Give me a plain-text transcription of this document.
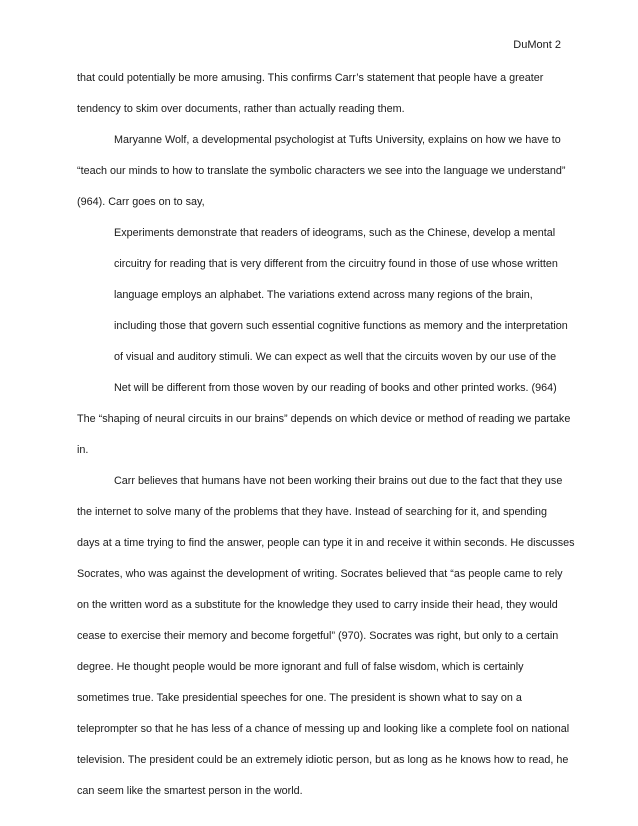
DuMont 2
that could potentially be more amusing. This confirms Carr’s statement that people have a greater
tendency to skim over documents, rather than actually reading them.
Maryanne Wolf, a developmental psychologist at Tufts University, explains on how we have to
“teach our minds to how to translate the symbolic characters we see into the language we understand”
(964). Carr goes on to say,
Experiments demonstrate that readers of ideograms, such as the Chinese, develop a mental
circuitry for reading that is very different from the circuitry found in those of use whose written
language employs an alphabet. The variations extend across many regions of the brain,
including those that govern such essential cognitive functions as memory and the interpretation
of visual and auditory stimuli. We can expect as well that the circuits woven by our use of the
Net will be different from those woven by our reading of books and other printed works. (964)
The “shaping of neural circuits in our brains” depends on which device or method of reading we partake
in.
Carr believes that humans have not been working their brains out due to the fact that they use
the internet to solve many of the problems that they have. Instead of searching for it, and spending
days at a time trying to find the answer, people can type it in and receive it within seconds. He discusses
Socrates, who was against the development of writing. Socrates believed that “as people came to rely
on the written word as a substitute for the knowledge they used to carry inside their head, they would
cease to exercise their memory and become forgetful” (970). Socrates was right, but only to a certain
degree. He thought people would be more ignorant and full of false wisdom, which is certainly
sometimes true. Take presidential speeches for one. The president is shown what to say on a
teleprompter so that he has less of a chance of messing up and looking like a complete fool on national
television. The president could be an extremely idiotic person, but as long as he knows how to read, he
can seem like the smartest person in the world.
